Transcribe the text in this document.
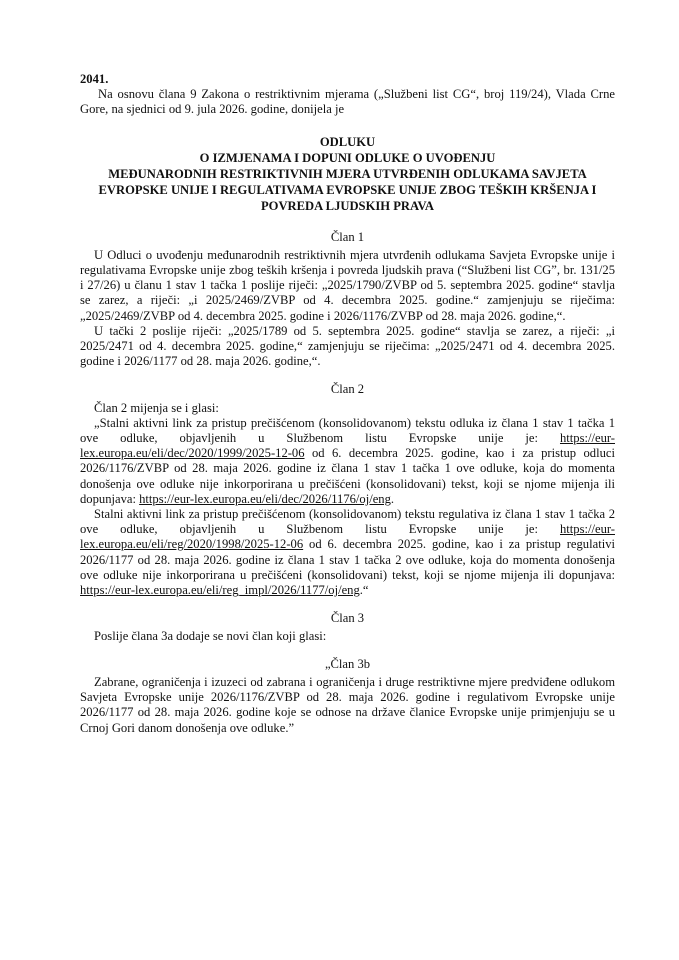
2041.

Na osnovu člana 9 Zakona o restriktivnim mjerama („Službeni list CG“, broj 119/24), Vlada Crne Gore, na sjednici od 9. jula 2026. godine, donijela je

ODLUKU
O IZMJENAMA I DOPUNI ODLUKE O UVOĐENJU
MEĐUNARODNIH RESTRIKTIVNIH MJERA UTVRĐENIH ODLUKAMA SAVJETA
EVROPSKE UNIJE I REGULATIVAMA EVROPSKE UNIJE ZBOG TEŠKIH KRŠENJA I
POVREDA LJUDSKIH PRAVA
Član 1

U Odluci o uvođenju međunarodnih restriktivnih mjera utvrđenih odlukama Savjeta Evropske unije i regulativama Evropske unije zbog teških kršenja i povreda ljudskih prava (“Službeni list CG”, br. 131/25 i 27/26) u članu 1 stav 1 tačka 1 poslije riječi: „2025/1790/ZVBP od 5. septembra 2025. godine“ stavlja se zarez, a riječi: „i 2025/2469/ZVBP od 4. decembra 2025. godine.“ zamjenjuju se riječima: „2025/2469/ZVBP od 4. decembra 2025. godine i 2026/1176/ZVBP od 28. maja 2026. godine,“.

U tački 2 poslije riječi: „2025/1789 od 5. septembra 2025. godine“ stavlja se zarez, a riječi: „i 2025/2471 od 4. decembra 2025. godine,“ zamjenjuju se riječima: „2025/2471 od 4. decembra 2025. godine i 2026/1177 od 28. maja 2026. godine,“.

Član 2

Član 2 mijenja se i glasi:

„Stalni aktivni link za pristup prečišćenom (konsolidovanom) tekstu odluka iz člana 1 stav 1 tačka 1 ove odluke, objavljenih u Službenom listu Evropske unije je: https://eur-lex.europa.eu/eli/dec/2020/1999/2025-12-06 od 6. decembra 2025. godine, kao i za pristup odluci 2026/1176/ZVBP od 28. maja 2026. godine iz člana 1 stav 1 tačka 1 ove odluke, koja do momenta donošenja ove odluke nije inkorporirana u prečišćeni (konsolidovani) tekst, koji se njome mijenja ili dopunjava: https://eur-lex.europa.eu/eli/dec/2026/1176/oj/eng.

Stalni aktivni link za pristup prečišćenom (konsolidovanom) tekstu regulativa iz člana 1 stav 1 tačka 2 ove odluke, objavljenih u Službenom listu Evropske unije je: https://eur-lex.europa.eu/eli/reg/2020/1998/2025-12-06 od 6. decembra 2025. godine, kao i za pristup regulativi 2026/1177 od 28. maja 2026. godine iz člana 1 stav 1 tačka 2 ove odluke, koja do momenta donošenja ove odluke nije inkorporirana u prečišćeni (konsolidovani) tekst, koji se njome mijenja ili dopunjava: https://eur-lex.europa.eu/eli/reg_impl/2026/1177/oj/eng.“

Član 3

Poslije člana 3a dodaje se novi član koji glasi:

„Član 3b

Zabrane, ograničenja i izuzeci od zabrana i ograničenja i druge restriktivne mjere predviđene odlukom Savjeta Evropske unije 2026/1176/ZVBP od 28. maja 2026. godine i regulativom Evropske unije 2026/1177 od 28. maja 2026. godine koje se odnose na države članice Evropske unije primjenjuju se u Crnoj Gori danom donošenja ove odluke.”
